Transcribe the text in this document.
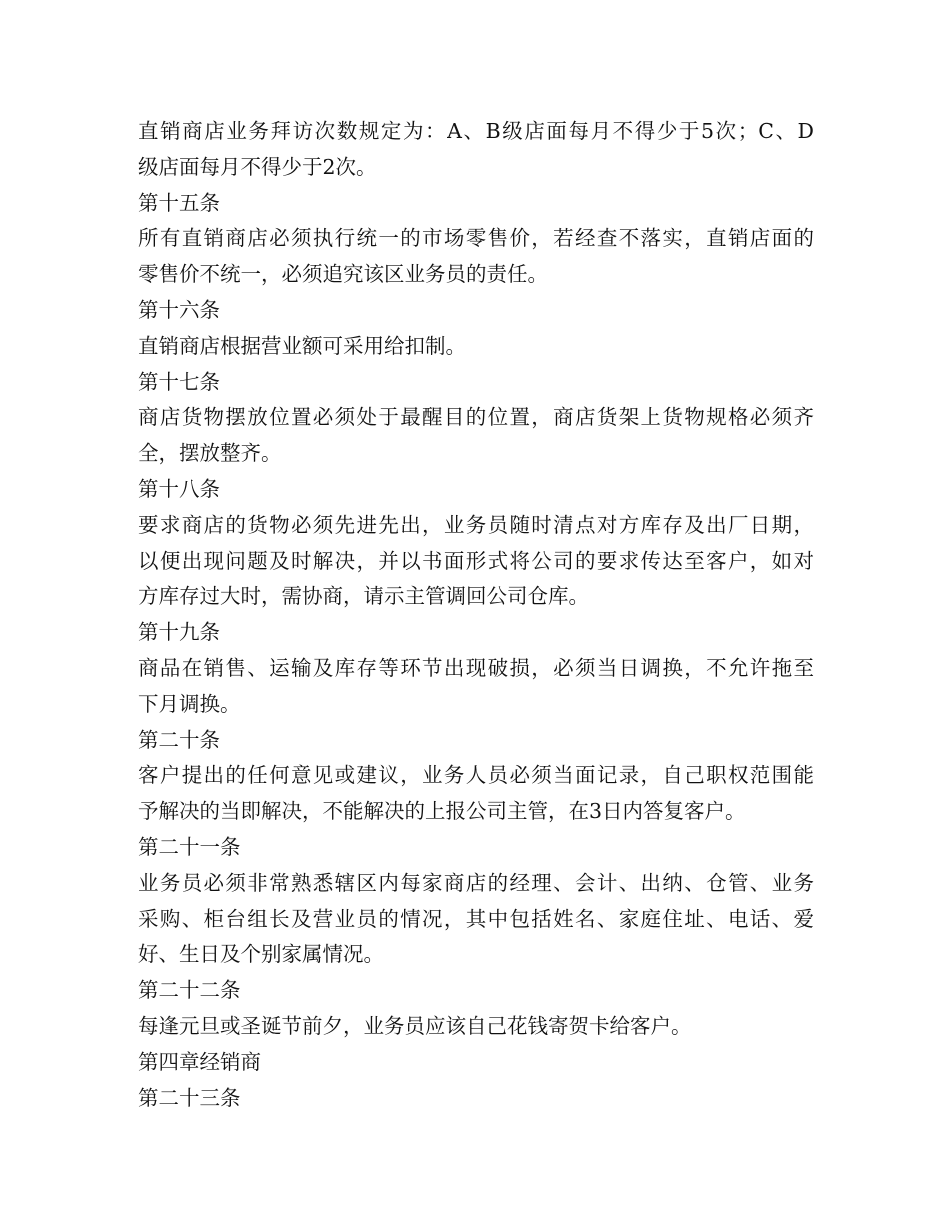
直销商店业务拜访次数规定为：A、B级店面每月不得少于5次；C、D
级店面每月不得少于2次。
第十五条
所有直销商店必须执行统一的市场零售价，若经查不落实，直销店面的
零售价不统一，必须追究该区业务员的责任。
第十六条
直销商店根据营业额可采用给扣制。
第十七条
商店货物摆放位置必须处于最醒目的位置，商店货架上货物规格必须齐
全，摆放整齐。
第十八条
要求商店的货物必须先进先出，业务员随时清点对方库存及出厂日期，
以便出现问题及时解决，并以书面形式将公司的要求传达至客户，如对
方库存过大时，需协商，请示主管调回公司仓库。
第十九条
商品在销售、运输及库存等环节出现破损，必须当日调换，不允许拖至
下月调换。
第二十条
客户提出的任何意见或建议，业务人员必须当面记录，自己职权范围能
予解决的当即解决，不能解决的上报公司主管，在3日内答复客户。
第二十一条
业务员必须非常熟悉辖区内每家商店的经理、会计、出纳、仓管、业务
采购、柜台组长及营业员的情况，其中包括姓名、家庭住址、电话、爱
好、生日及个别家属情况。
第二十二条
每逢元旦或圣诞节前夕，业务员应该自己花钱寄贺卡给客户。
第四章经销商
第二十三条
